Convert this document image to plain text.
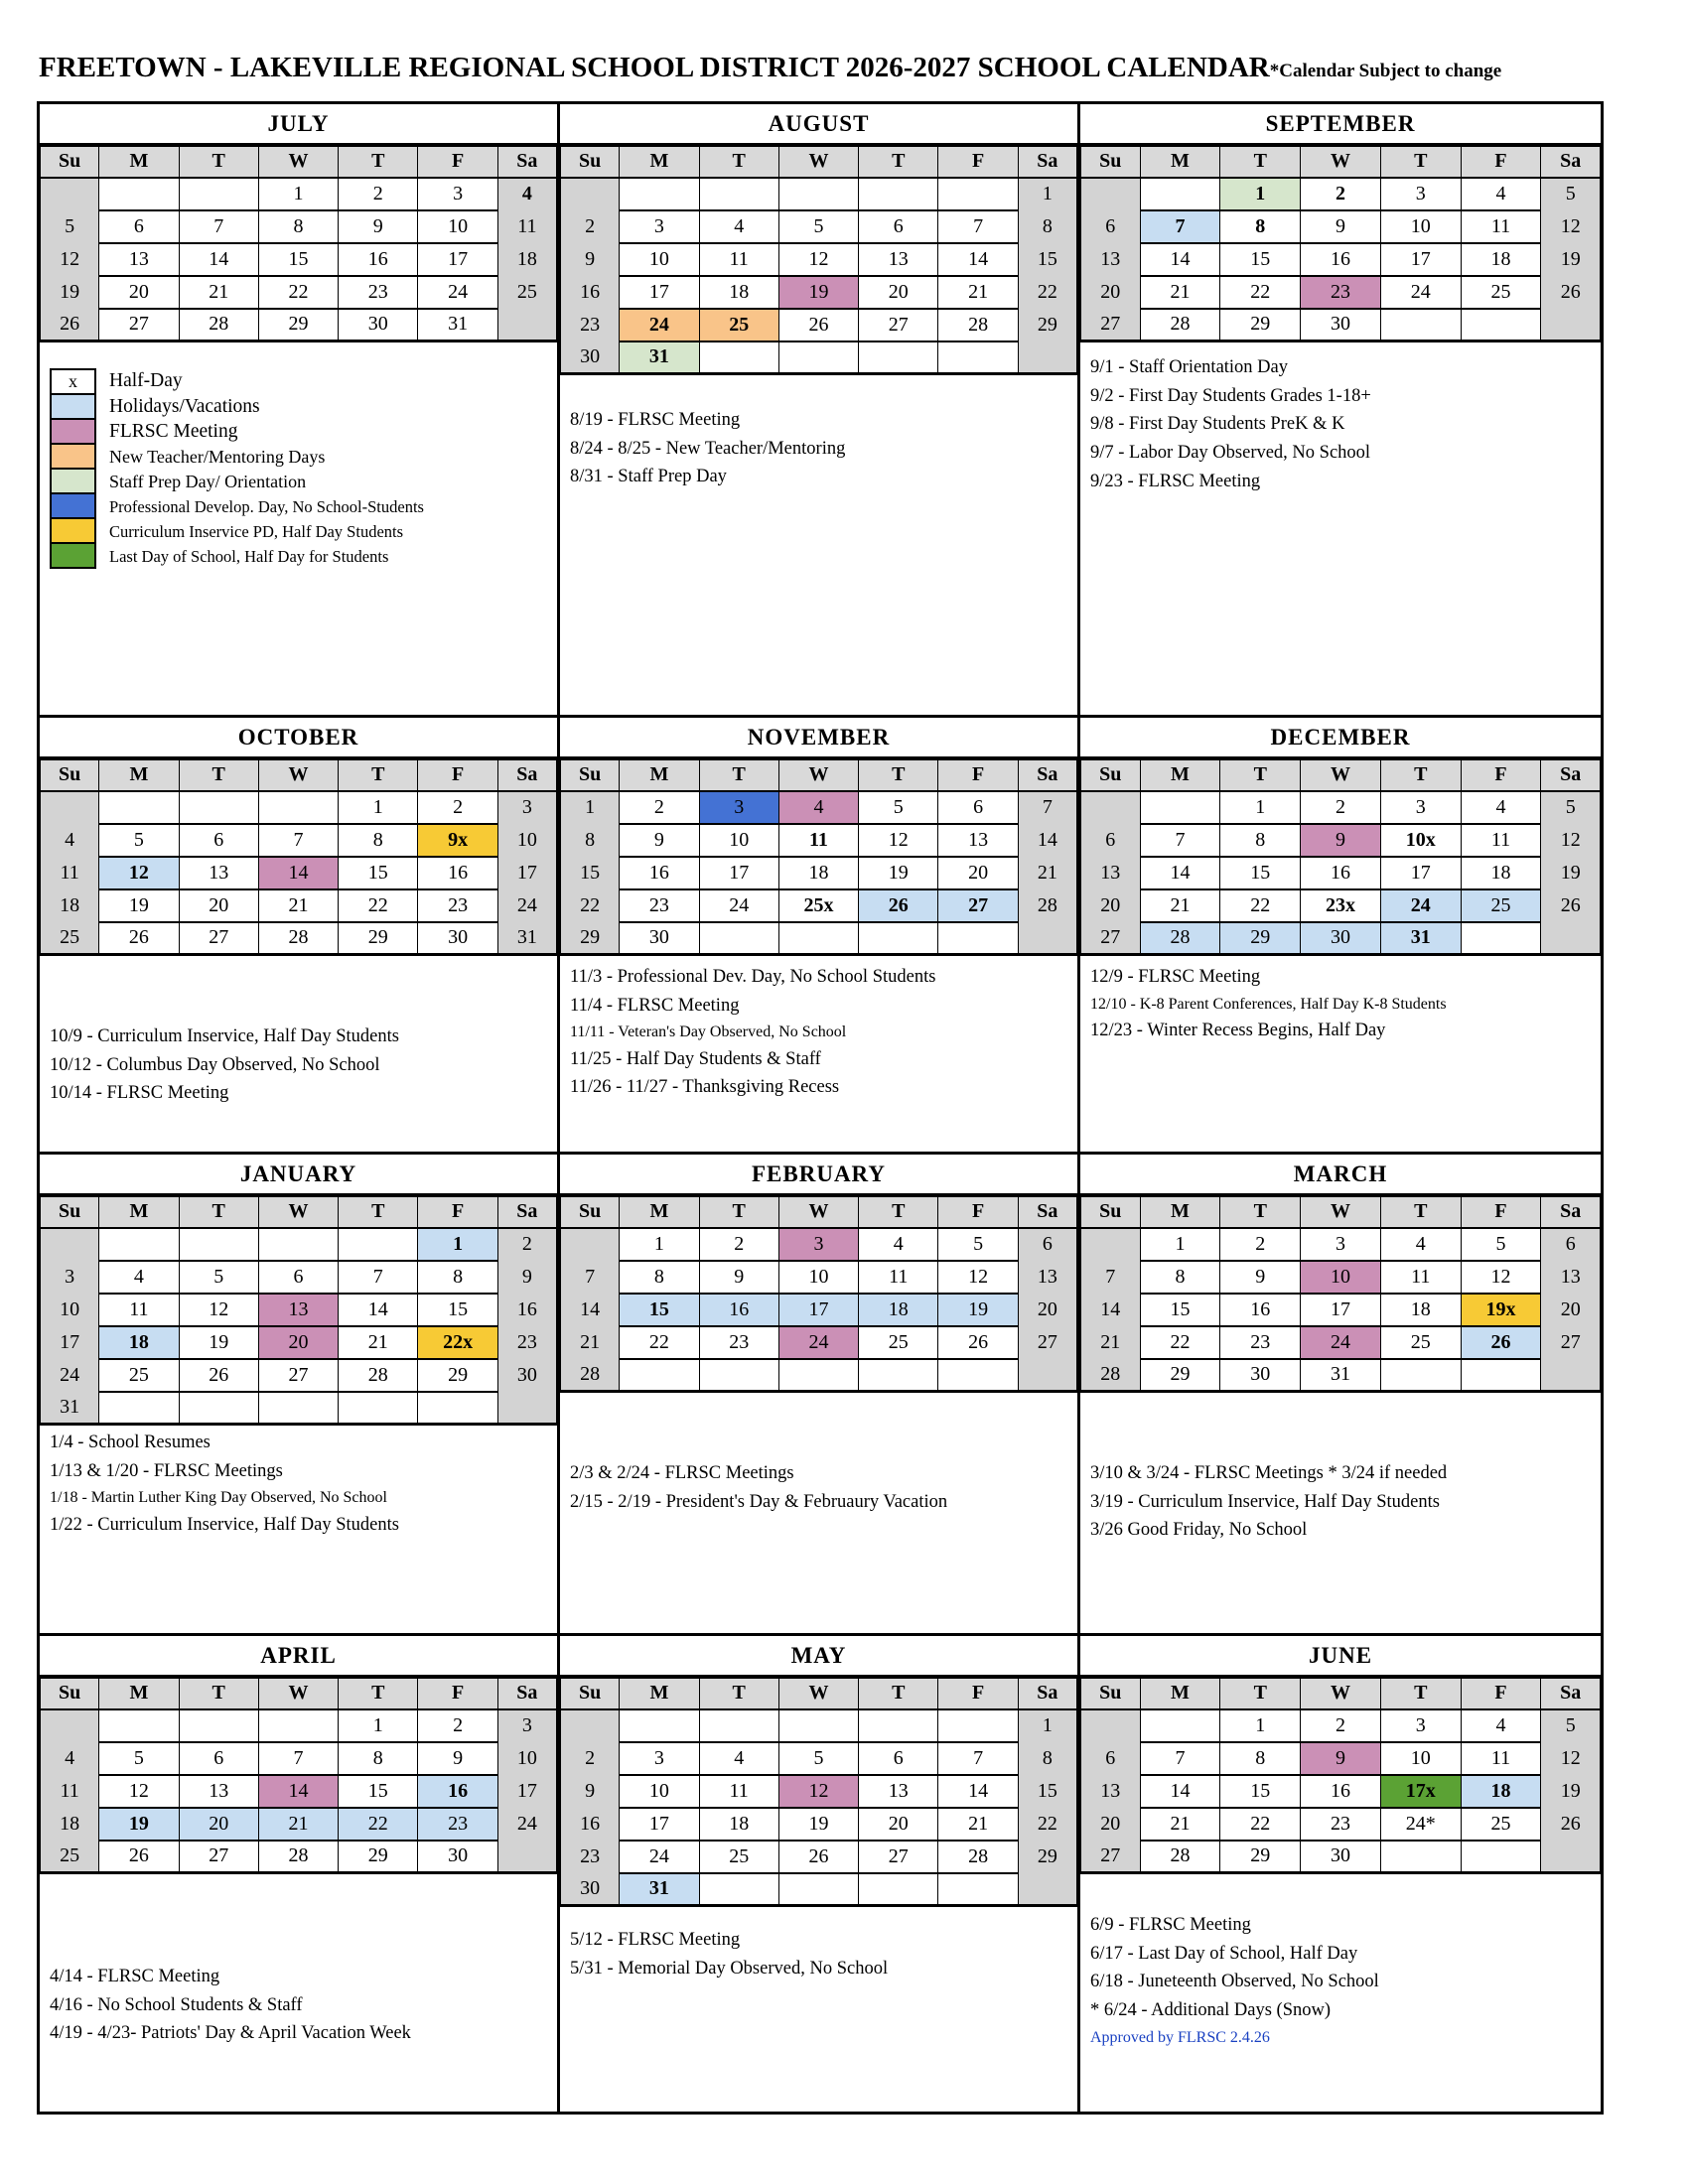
FREETOWN - LAKEVILLE REGIONAL SCHOOL DISTRICT 2026-2027 SCHOOL CALENDAR*Calendar Subject to change
JULY
Su	M	T	W	T	F	Sa
			1	2	3	4
5	6	7	8	9	10	11
12	13	14	15	16	17	18
19	20	21	22	23	24	25
26	27	28	29	30	31	
x	Half-Day
Holidays/Vacations
FLRSC Meeting
New Teacher/Mentoring Days
Staff Prep Day/ Orientation
Professional Develop. Day, No School-Students
Curriculum Inservice PD, Half Day Students
Last Day of School, Half Day for Students
AUGUST
Su	M	T	W	T	F	Sa
						1
2	3	4	5	6	7	8
9	10	11	12	13	14	15
16	17	18	19	20	21	22
23	24	25	26	27	28	29
30	31					
8/19 - FLRSC Meeting
8/24 - 8/25 - New Teacher/Mentoring
8/31 - Staff Prep Day
SEPTEMBER
Su	M	T	W	T	F	Sa
		1	2	3	4	5
6	7	8	9	10	11	12
13	14	15	16	17	18	19
20	21	22	23	24	25	26
27	28	29	30			
9/1 - Staff Orientation Day
9/2 - First Day Students Grades 1-18+
9/8 - First Day Students PreK & K
9/7 - Labor Day Observed, No School
9/23 - FLRSC Meeting
OCTOBER
Su	M	T	W	T	F	Sa
				1	2	3
4	5	6	7	8	9x	10
11	12	13	14	15	16	17
18	19	20	21	22	23	24
25	26	27	28	29	30	31
10/9 - Curriculum Inservice, Half Day Students
10/12 - Columbus Day Observed, No School
10/14 - FLRSC Meeting
NOVEMBER
Su	M	T	W	T	F	Sa
1	2	3	4	5	6	7
8	9	10	11	12	13	14
15	16	17	18	19	20	21
22	23	24	25x	26	27	28
29	30					
11/3 - Professional Dev. Day, No School Students
11/4 - FLRSC Meeting
11/11 - Veteran's Day Observed, No School
11/25 - Half Day Students & Staff
11/26 - 11/27 - Thanksgiving Recess
DECEMBER
Su	M	T	W	T	F	Sa
		1	2	3	4	5
6	7	8	9	10x	11	12
13	14	15	16	17	18	19
20	21	22	23x	24	25	26
27	28	29	30	31		
12/9 - FLRSC Meeting
12/10 - K-8 Parent Conferences, Half Day K-8 Students
12/23 - Winter Recess Begins, Half Day
JANUARY
Su	M	T	W	T	F	Sa
					1	2
3	4	5	6	7	8	9
10	11	12	13	14	15	16
17	18	19	20	21	22x	23
24	25	26	27	28	29	30
31						
1/4 - School Resumes
1/13 & 1/20 - FLRSC Meetings
1/18 - Martin Luther King Day Observed, No School
1/22 - Curriculum Inservice, Half Day Students
FEBRUARY
Su	M	T	W	T	F	Sa
	1	2	3	4	5	6
7	8	9	10	11	12	13
14	15	16	17	18	19	20
21	22	23	24	25	26	27
28						
2/3 & 2/24 - FLRSC Meetings
2/15 - 2/19 - President's Day & Februaury Vacation
MARCH
Su	M	T	W	T	F	Sa
	1	2	3	4	5	6
7	8	9	10	11	12	13
14	15	16	17	18	19x	20
21	22	23	24	25	26	27
28	29	30	31			
3/10 & 3/24 - FLRSC Meetings * 3/24 if needed
3/19 - Curriculum Inservice, Half Day Students
3/26 Good Friday, No School
APRIL
Su	M	T	W	T	F	Sa
				1	2	3
4	5	6	7	8	9	10
11	12	13	14	15	16	17
18	19	20	21	22	23	24
25	26	27	28	29	30	
4/14 - FLRSC Meeting
4/16 - No School Students & Staff
4/19 - 4/23- Patriots' Day & April Vacation Week
MAY
Su	M	T	W	T	F	Sa
						1
2	3	4	5	6	7	8
9	10	11	12	13	14	15
16	17	18	19	20	21	22
23	24	25	26	27	28	29
30	31					
5/12 - FLRSC Meeting
5/31 - Memorial Day Observed, No School
JUNE
Su	M	T	W	T	F	Sa
		1	2	3	4	5
6	7	8	9	10	11	12
13	14	15	16	17x	18	19
20	21	22	23	24*	25	26
27	28	29	30			
6/9 - FLRSC Meeting
6/17 - Last Day of School, Half Day
6/18 - Juneteenth Observed, No School
* 6/24 - Additional Days (Snow)
Approved by FLRSC 2.4.26
